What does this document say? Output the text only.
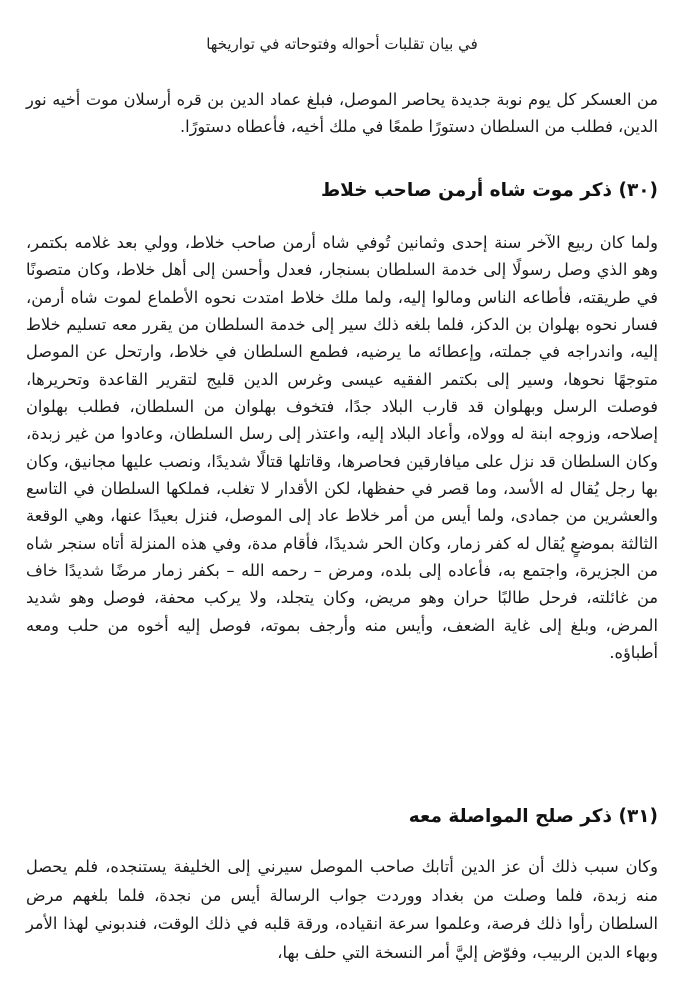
في بيان تقلبات أحواله وفتوحاته في تواريخها

من العسكر كل يوم نوبة جديدة يحاصر الموصل، فبلغ عماد الدين بن قره أرسلان موت أخيه نور الدين، فطلب من السلطان دستورًا طمعًا في ملك أخيه، فأعطاه دستورًا.

(٣٠) ذكر موت شاه أرمن صاحب خلاط

ولما كان ربيع الآخر سنة إحدى وثمانين تُوفي شاه أرمن صاحب خلاط، وولي بعد غلامه بكتمر، وهو الذي وصل رسولًا إلى خدمة السلطان بسنجار، فعدل وأحسن إلى أهل خلاط، وكان متصونًا في طريقته، فأطاعه الناس ومالوا إليه، ولما ملك خلاط امتدت نحوه الأطماع لموت شاه أرمن، فسار نحوه بهلوان بن الدكز، فلما بلغه ذلك سير إلى خدمة السلطان من يقرر معه تسليم خلاط إليه، واندراجه في جملته، وإعطائه ما يرضيه، فطمع السلطان في خلاط، وارتحل عن الموصل متوجهًا نحوها، وسير إلى بكتمر الفقيه عيسى وغرس الدين قليج لتقرير القاعدة وتحريرها، فوصلت الرسل وبهلوان قد قارب البلاد جدًا، فتخوف بهلوان من السلطان، فطلب بهلوان إصلاحه، وزوجه ابنة له وولاه، وأعاد البلاد إليه، واعتذر إلى رسل السلطان، وعادوا من غير زبدة، وكان السلطان قد نزل على ميافارقين فحاصرها، وقاتلها قتالًا شديدًا، ونصب عليها مجانيق، وكان بها رجل يُقال له الأسد، وما قصر في حفظها، لكن الأقدار لا تغلب، فملكها السلطان في التاسع والعشرين من جمادى، ولما أيس من أمر خلاط عاد إلى الموصل، فنزل بعيدًا عنها، وهي الوقعة الثالثة بموضعٍ يُقال له كفر زمار، وكان الحر شديدًا، فأقام مدة، وفي هذه المنزلة أتاه سنجر شاه من الجزيرة، واجتمع به، فأعاده إلى بلده، ومرض – رحمه الله – بكفر زمار مرضًا شديدًا خاف من غائلته، فرحل طالبًا حران وهو مريض، وكان يتجلد، ولا يركب محفة، فوصل وهو شديد المرض، وبلغ إلى غاية الضعف، وأيس منه وأرجف بموته، فوصل إليه أخوه من حلب ومعه أطباؤه.

(٣١) ذكر صلح المواصلة معه

وكان سبب ذلك أن عز الدين أتابك صاحب الموصل سيرني إلى الخليفة يستنجده، فلم يحصل منه زبدة، فلما وصلت من بغداد ووردت جواب الرسالة أيس من نجدة، فلما بلغهم مرض السلطان رأوا ذلك فرصة، وعلموا سرعة انقياده، ورقة قلبه في ذلك الوقت، فندبوني لهذا الأمر وبهاء الدين الربيب، وفوّض إليَّ أمر النسخة التي حلف بها،
